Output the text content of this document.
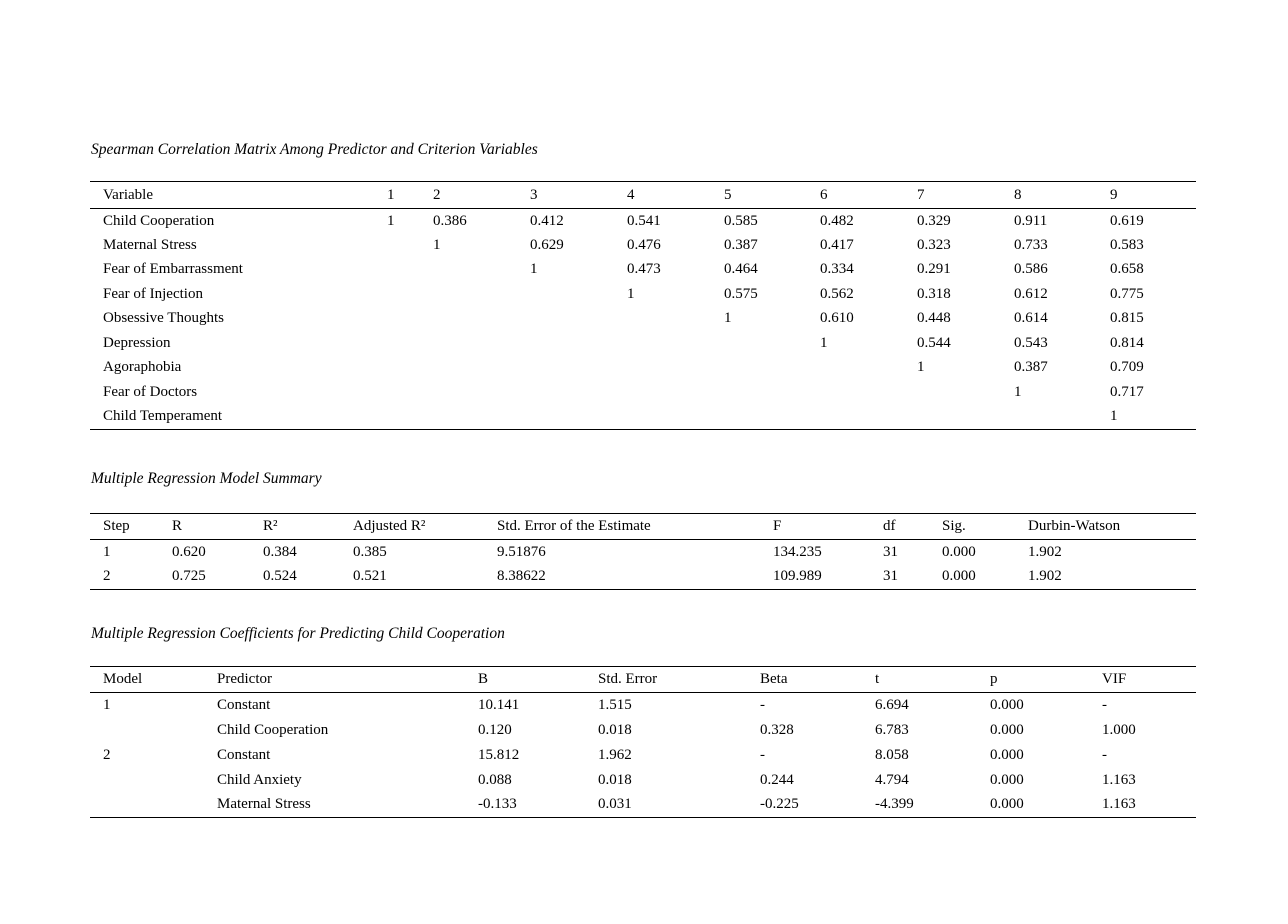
Spearman Correlation Matrix Among Predictor and Criterion Variables
Variable	1	2	3	4	5	6	7	8	9
Child Cooperation	1	0.386	0.412	0.541	0.585	0.482	0.329	0.911	0.619
Maternal Stress		1	0.629	0.476	0.387	0.417	0.323	0.733	0.583
Fear of Embarrassment			1	0.473	0.464	0.334	0.291	0.586	0.658
Fear of Injection				1	0.575	0.562	0.318	0.612	0.775
Obsessive Thoughts					1	0.610	0.448	0.614	0.815
Depression						1	0.544	0.543	0.814
Agoraphobia							1	0.387	0.709
Fear of Doctors								1	0.717
Child Temperament									1
Multiple Regression Model Summary
Step	R	R²	Adjusted R²	Std. Error of the Estimate	F	df	Sig.	Durbin-Watson
1	0.620	0.384	0.385	9.51876	134.235	31	0.000	1.902
2	0.725	0.524	0.521	8.38622	109.989	31	0.000	1.902
Multiple Regression Coefficients for Predicting Child Cooperation
Model	Predictor	B	Std. Error	Beta	t	p	VIF
1	Constant	10.141	1.515	-	6.694	0.000	-
	Child Cooperation	0.120	0.018	0.328	6.783	0.000	1.000
2	Constant	15.812	1.962	-	8.058	0.000	-
	Child Anxiety	0.088	0.018	0.244	4.794	0.000	1.163
	Maternal Stress	-0.133	0.031	-0.225	-4.399	0.000	1.163
